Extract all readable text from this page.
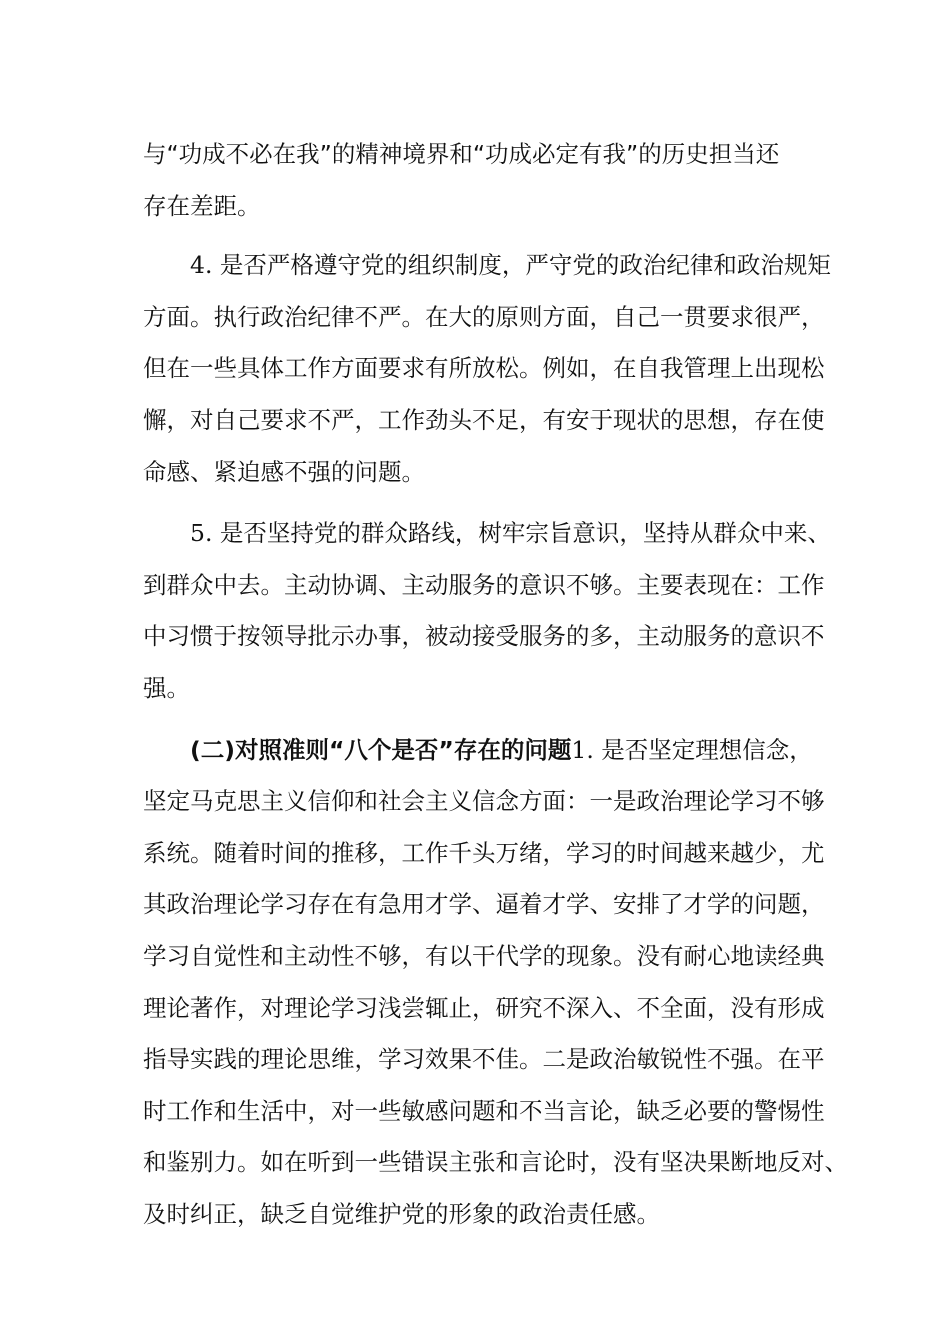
与“功成不必在我”的精神境界和“功成必定有我”的历史担当还
存在差距。
4. 是否严格遵守党的组织制度，严守党的政治纪律和政治规矩
方面。执行政治纪律不严。在大的原则方面，自己一贯要求很严，
但在一些具体工作方面要求有所放松。例如，在自我管理上出现松
懈，对自己要求不严，工作劲头不足，有安于现状的思想，存在使
命感、紧迫感不强的问题。
5. 是否坚持党的群众路线，树牢宗旨意识，坚持从群众中来、
到群众中去。主动协调、主动服务的意识不够。主要表现在：工作
中习惯于按领导批示办事，被动接受服务的多，主动服务的意识不
强。
(二)对照准则“八个是否”存在的问题1. 是否坚定理想信念，
坚定马克思主义信仰和社会主义信念方面：一是政治理论学习不够
系统。随着时间的推移，工作千头万绪，学习的时间越来越少，尤
其政治理论学习存在有急用才学、逼着才学、安排了才学的问题，
学习自觉性和主动性不够，有以干代学的现象。没有耐心地读经典
理论著作，对理论学习浅尝辄止，研究不深入、不全面，没有形成
指导实践的理论思维，学习效果不佳。二是政治敏锐性不强。在平
时工作和生活中，对一些敏感问题和不当言论，缺乏必要的警惕性
和鉴别力。如在听到一些错误主张和言论时，没有坚决果断地反对、
及时纠正，缺乏自觉维护党的形象的政治责任感。
